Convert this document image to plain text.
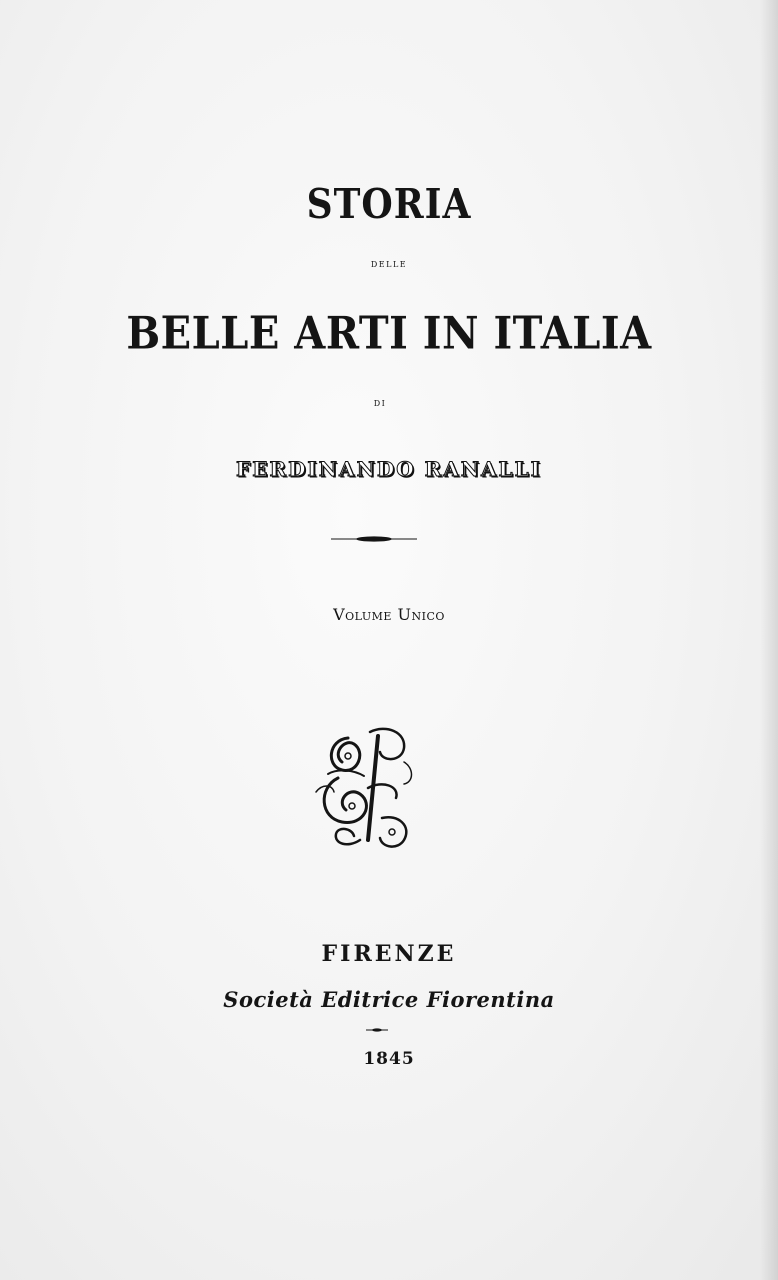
STORIA

DELLE

BELLE ARTI IN ITALIA

DI

FERDINANDO RANALLI

Volume Unico

FIRENZE

Società Editrice Fiorentina

1845
